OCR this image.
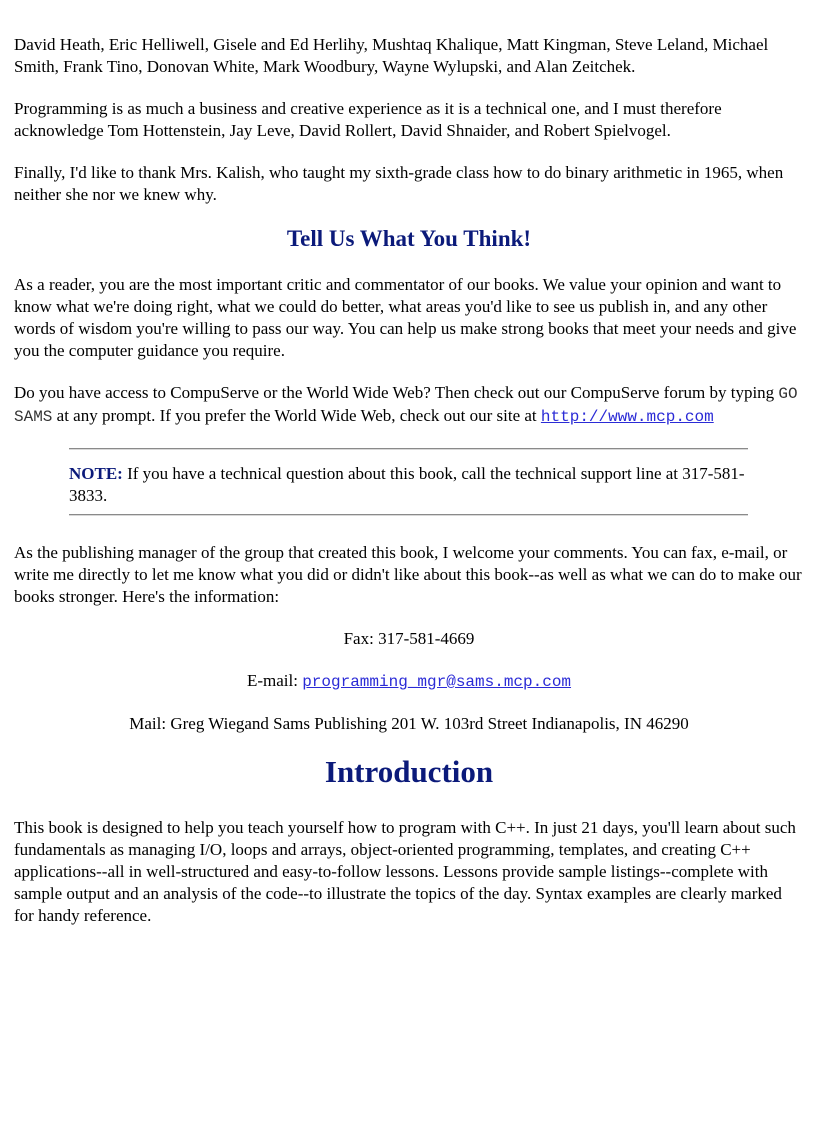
David Heath, Eric Helliwell, Gisele and Ed Herlihy, Mushtaq Khalique, Matt Kingman, Steve Leland, Michael Smith, Frank Tino, Donovan White, Mark Woodbury, Wayne Wylupski, and Alan Zeitchek.

Programming is as much a business and creative experience as it is a technical one, and I must therefore acknowledge Tom Hottenstein, Jay Leve, David Rollert, David Shnaider, and Robert Spielvogel.

Finally, I'd like to thank Mrs. Kalish, who taught my sixth-grade class how to do binary arithmetic in 1965, when neither she nor we knew why.

Tell Us What You Think!

As a reader, you are the most important critic and commentator of our books. We value your opinion and want to know what we're doing right, what we could do better, what areas you'd like to see us publish in, and any other words of wisdom you're willing to pass our way. You can help us make strong books that meet your needs and give you the computer guidance you require.

Do you have access to CompuServe or the World Wide Web? Then check out our CompuServe forum by typing GO SAMS at any prompt. If you prefer the World Wide Web, check out our site at http://www.mcp.com

NOTE: If you have a technical question about this book, call the technical support line at 317-581-3833.

As the publishing manager of the group that created this book, I welcome your comments. You can fax, e-mail, or write me directly to let me know what you did or didn't like about this book--as well as what we can do to make our books stronger. Here's the information:

Fax: 317-581-4669
E-mail: programming_mgr@sams.mcp.com
Mail: Greg Wiegand Sams Publishing 201 W. 103rd Street Indianapolis, IN 46290
Introduction

This book is designed to help you teach yourself how to program with C++. In just 21 days, you'll learn about such fundamentals as managing I/O, loops and arrays, object-oriented programming, templates, and creating C++ applications--all in well-structured and easy-to-follow lessons. Lessons provide sample listings--complete with sample output and an analysis of the code--to illustrate the topics of the day. Syntax examples are clearly marked for handy reference.
